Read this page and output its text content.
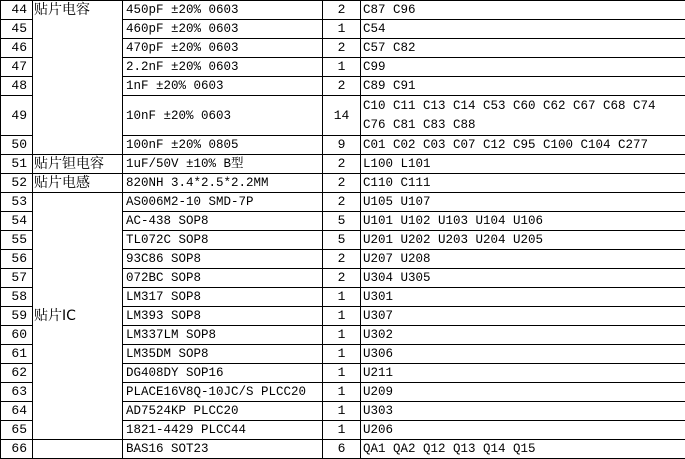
44	贴片电容	450pF ±20% 0603	2	C87 C96
45		460pF ±20% 0603	1	C54
46		470pF ±20% 0603	2	C57 C82
47		2.2nF ±20% 0603	1	C99
48		1nF ±20% 0603	2	C89 C91
49		10nF ±20% 0603	14	C10 C11 C13 C14 C53 C60 C62 C67 C68 C74 C76 C81 C83 C88
50		100nF ±20% 0805	9	C01 C02 C03 C07 C12 C95 C100 C104 C277
51	贴片钽电容	1uF/50V ±10% B型	2	L100 L101
52	贴片电感	820NH 3.4*2.5*2.2MM	2	C110 C111
53	贴片IC	AS006M2-10 SMD-7P	2	U105 U107
54		AC-438 SOP8	5	U101 U102 U103 U104 U106
55		TL072C SOP8	5	U201 U202 U203 U204 U205
56		93C86 SOP8	2	U207 U208
57		072BC SOP8	2	U304 U305
58		LM317 SOP8	1	U301
59		LM393 SOP8	1	U307
60		LM337LM SOP8	1	U302
61		LM35DM SOP8	1	U306
62		DG408DY SOP16	1	U211
63		PLACE16V8Q-10JC/S PLCC20	1	U209
64		AD7524KP PLCC20	1	U303
65		1821-4429 PLCC44	1	U206
66		BAS16 SOT23	6	QA1 QA2 Q12 Q13 Q14 Q15
